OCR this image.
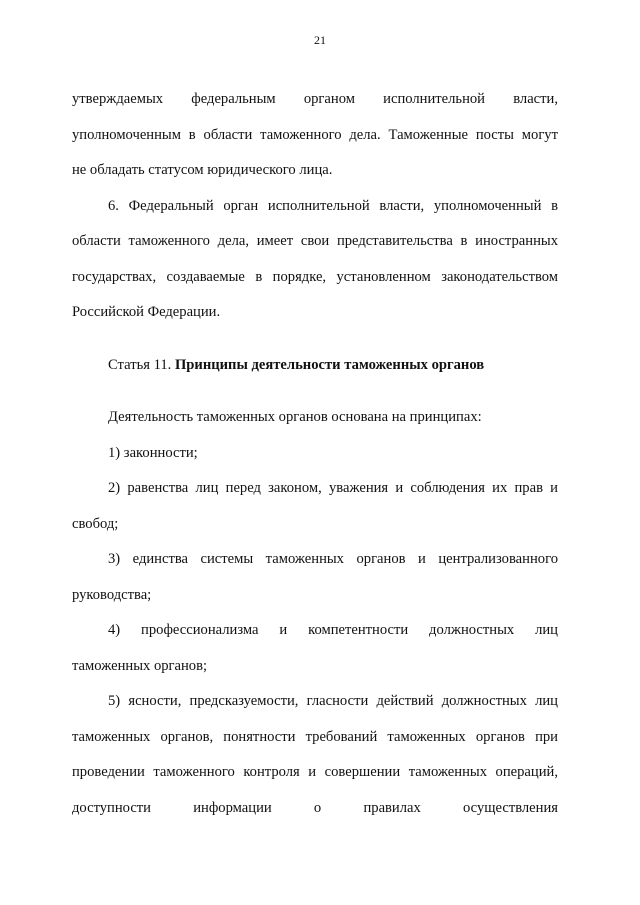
21

утверждаемых федеральным органом исполнительной власти,
уполномоченным в области таможенного дела. Таможенные посты могут
не обладать статусом юридического лица.

6. Федеральный орган исполнительной власти, уполномоченный в
области таможенного дела, имеет свои представительства в иностранных
государствах, создаваемые в порядке, установленном законодательством
Российской Федерации.

Статья 11. Принципы деятельности таможенных органов

Деятельность таможенных органов основана на принципах:

1) законности;

2) равенства лиц перед законом, уважения и соблюдения их прав и
свобод;

3) единства системы таможенных органов и централизованного
руководства;

4) профессионализма и компетентности должностных лиц
таможенных органов;

5) ясности, предсказуемости, гласности действий должностных лиц
таможенных органов, понятности требований таможенных органов при
проведении таможенного контроля и совершении таможенных операций,
доступности информации о правилах осуществления
